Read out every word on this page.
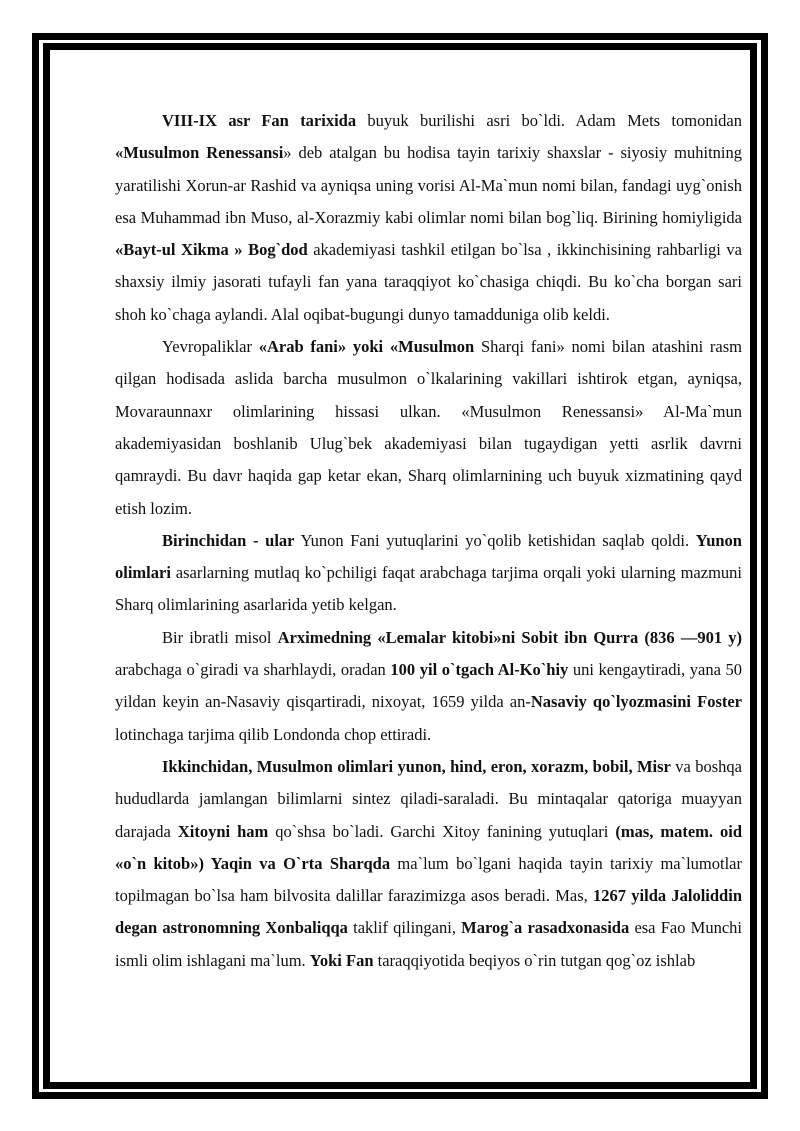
VIII-IX asr Fan tarixida buyuk burilishi asri bo`ldi. Adam Mets tomonidan «Musulmon Renessansi» deb atalgan bu hodisa tayin tarixiy shaxslar - siyosiy muhitning yaratilishi Xorun-ar Rashid va ayniqsa uning vorisi Al-Ma`mun nomi bilan, fandagi uyg`onish esa Muhammad ibn Muso, al-Xorazmiy kabi olimlar nomi bilan bog`liq. Birining homiyligida «Bayt-ul Xikma » Bog`dod akademiyasi tashkil etilgan bo`lsa , ikkinchisining rahbarligi va shaxsiy ilmiy jasorati tufayli fan yana taraqqiyot ko`chasiga chiqdi. Bu ko`cha borgan sari shoh ko`chaga aylandi. Alal oqibat-bugungi dunyo tamadduniga olib keldi.

Yevropaliklar «Arab fani» yoki «Musulmon Sharqi fani» nomi bilan atashini rasm qilgan hodisada aslida barcha musulmon o`lkalarining vakillari ishtirok etgan, ayniqsa, Movaraunnaxr olimlarining hissasi ulkan. «Musulmon Renessansi» Al-Ma`mun akademiyasidan boshlanib Ulug`bek akademiyasi bilan tugaydigan yetti asrlik davrni qamraydi. Bu davr haqida gap ketar ekan, Sharq olimlarnining uch buyuk xizmatining qayd etish lozim.

Birinchidan - ular Yunon Fani yutuqlarini yo`qolib ketishidan saqlab qoldi. Yunon olimlari asarlarning mutlaq ko`pchiligi faqat arabchaga tarjima orqali yoki ularning mazmuni Sharq olimlarining asarlarida yetib kelgan.

Bir ibratli misol Arximedning «Lemalar kitobi»ni Sobit ibn Qurra (836 —901 y) arabchaga o`giradi va sharhlaydi, oradan 100 yil o`tgach Al-Ko`hiy uni kengaytiradi, yana 50 yildan keyin an-Nasaviy qisqartiradi, nixoyat, 1659 yilda an-Nasaviy qo`lyozmasini Foster lotinchaga tarjima qilib Londonda chop ettiradi.

Ikkinchidan, Musulmon olimlari yunon, hind, eron, xorazm, bobil, Misr va boshqa hududlarda jamlangan bilimlarni sintez qiladi-saraladi. Bu mintaqalar qatoriga muayyan darajada Xitoyni ham qo`shsa bo`ladi. Garchi Xitoy fanining yutuqlari (mas, matem. oid «o`n kitob») Yaqin va O`rta Sharqda ma`lum bo`lgani haqida tayin tarixiy ma`lumotlar topilmagan bo`lsa ham bilvosita dalillar farazimizga asos beradi. Mas, 1267 yilda Jaloliddin degan astronomning Xonbaliqqa taklif qilingani, Marog`a rasadxonasida esa Fao Munchi ismli olim ishlagani ma`lum. Yoki Fan taraqqiyotida beqiyos o`rin tutgan qog`oz ishlab
